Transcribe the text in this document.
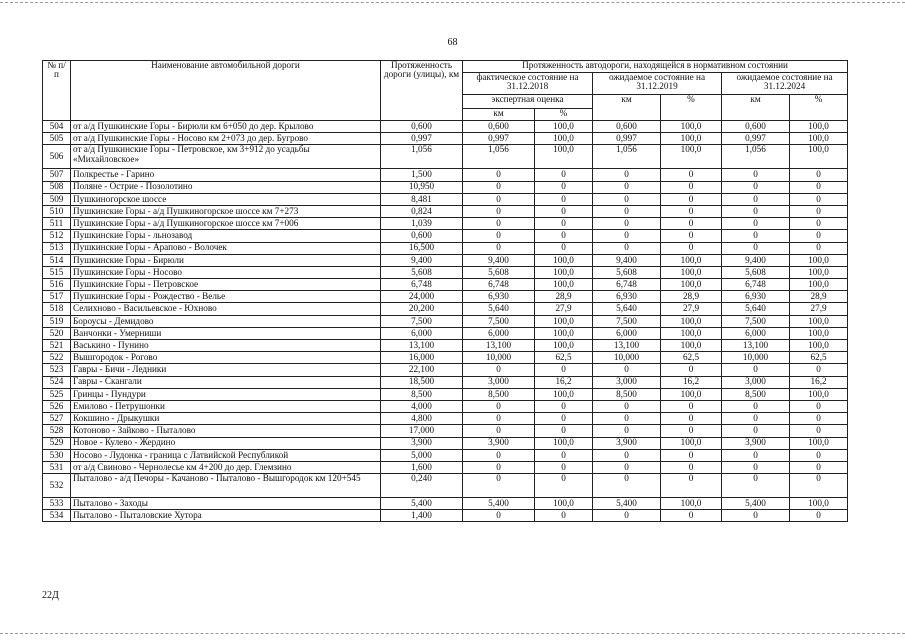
68
№ п/п	Наименование автомобильной дороги	Протяженность дороги (улицы), км	Протяженность автодороги, находящейся в нормативном состоянии					
			фактическое состояние на 31.12.2018		ожидаемое состояние на 31.12.2019		ожидаемое состояние на 31.12.2024	
			экспертная оценка		км	%	км	%
			км	%				
504	от а/д Пушкинские Горы - Бирюли км 6+050 до дер. Крылово	0,600	0,600	100,0	0,600	100,0	0,600	100,0
505	от а/д Пушкинские Горы - Носово км 2+073 до дер. Бугрово	0,997	0,997	100,0	0,997	100,0	0,997	100,0
506	от а/д Пушкинские Горы - Петровское, км 3+912 до усадьбы «Михайловское»	1,056	1,056	100,0	1,056	100,0	1,056	100,0
507	Полкрестье - Гарино	1,500	0	0	0	0	0	0
508	Поляне - Острие - Позолотино	10,950	0	0	0	0	0	0
509	Пушкиногорское шоссе	8,481	0	0	0	0	0	0
510	Пушкинские Горы - а/д Пушкиногорское шоссе км 7+273	0,824	0	0	0	0	0	0
511	Пушкинские Горы - а/д Пушкиногорское шоссе км 7+006	1,039	0	0	0	0	0	0
512	Пушкинские Горы - льнозавод	0,600	0	0	0	0	0	0
513	Пушкинские Горы - Арапово - Волочек	16,500	0	0	0	0	0	0
514	Пушкинские Горы - Бирюли	9,400	9,400	100,0	9,400	100,0	9,400	100,0
515	Пушкинские Горы - Носово	5,608	5,608	100,0	5,608	100,0	5,608	100,0
516	Пушкинские Горы - Петровское	6,748	6,748	100,0	6,748	100,0	6,748	100,0
517	Пушкинские Горы - Рождество - Велье	24,000	6,930	28,9	6,930	28,9	6,930	28,9
518	Селихново - Васильевское - Юхново	20,200	5,640	27,9	5,640	27,9	5,640	27,9
519	Бороусы - Демидово	7,500	7,500	100,0	7,500	100,0	7,500	100,0
520	Ванчонки - Умерниши	6,000	6,000	100,0	6,000	100,0	6,000	100,0
521	Васькино - Пунино	13,100	13,100	100,0	13,100	100,0	13,100	100,0
522	Вышгородок - Рогово	16,000	10,000	62,5	10,000	62,5	10,000	62,5
523	Гавры - Бичи - Ледники	22,100	0	0	0	0	0	0
524	Гавры - Скангали	18,500	3,000	16,2	3,000	16,2	3,000	16,2
525	Гринцы - Пундури	8,500	8,500	100,0	8,500	100,0	8,500	100,0
526	Емилово - Петрушонки	4,000	0	0	0	0	0	0
527	Кокшино - Дрыкушки	4,800	0	0	0	0	0	0
528	Котоново - Зайково - Пыталово	17,000	0	0	0	0	0	0
529	Новое - Кулево - Жердино	3,900	3,900	100,0	3,900	100,0	3,900	100,0
530	Носово - Лудонка - граница с Латвийской Республикой	5,000	0	0	0	0	0	0
531	от а/д Свиново - Чернолесье км 4+200 до дер. Глемзино	1,600	0	0	0	0	0	0
532	Пыталово - а/д Печоры - Качаново - Пыталово - Вышгородок км 120+545	0,240	0	0	0	0	0	0
533	Пыталово - Заходы	5,400	5,400	100,0	5,400	100,0	5,400	100,0
534	Пыталово - Пыталовские Хутора	1,400	0	0	0	0	0	0
22Д
